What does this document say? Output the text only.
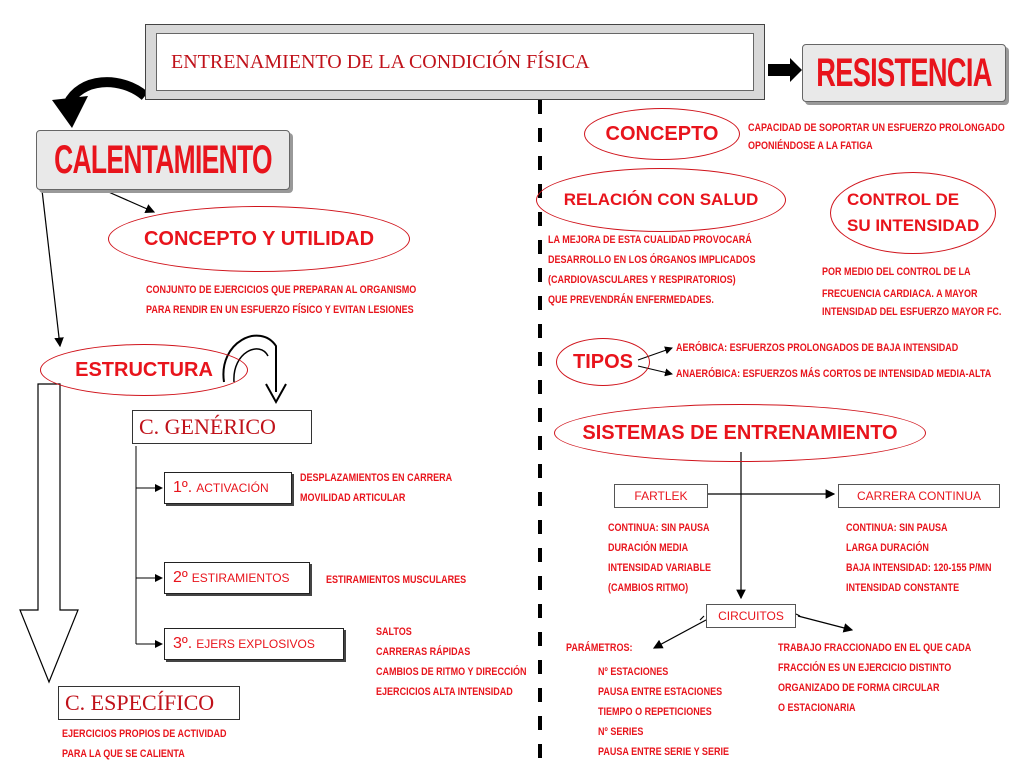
ENTRENAMIENTO DE LA CONDICIÓN FÍSICA	RESISTENCIA
CALENTAMIENTO
CONCEPTO Y UTILIDAD
CONJUNTO DE EJERCICIOS QUE PREPARAN AL ORGANISMO
PARA RENDIR EN UN ESFUERZO FÍSICO Y EVITAN LESIONES
ESTRUCTURA
C. GENÉRICO
1º. ACTIVACIÓN
DESPLAZAMIENTOS EN CARRERA
MOVILIDAD ARTICULAR
2º ESTIRAMIENTOS	ESTIRAMIENTOS MUSCULARES
3º. EJERS EXPLOSIVOS
SALTOS
CARRERAS RÁPIDAS
CAMBIOS DE RITMO Y DIRECCIÓN
EJERCICIOS ALTA INTENSIDAD
C. ESPECÍFICO
EJERCICIOS PROPIOS DE ACTIVIDAD
PARA LA QUE SE CALIENTA
CONCEPTO	CAPACIDAD DE SOPORTAR UN ESFUERZO PROLONGADO
OPONIÉNDOSE A LA FATIGA
RELACIÓN CON SALUD
LA MEJORA DE ESTA CUALIDAD PROVOCARÁ
DESARROLLO EN LOS ÓRGANOS IMPLICADOS
(CARDIOVASCULARES Y RESPIRATORIOS)
QUE PREVENDRÁN ENFERMEDADES.
CONTROL DE
SU INTENSIDAD
POR MEDIO DEL CONTROL DE LA
FRECUENCIA CARDIACA. A MAYOR
INTENSIDAD DEL ESFUERZO MAYOR FC.
TIPOS
AERÓBICA: ESFUERZOS PROLONGADOS DE BAJA INTENSIDAD
ANAERÓBICA: ESFUERZOS MÁS CORTOS DE INTENSIDAD MEDIA-ALTA
SISTEMAS DE ENTRENAMIENTO
FARTLEK
CONTINUA: SIN PAUSA
DURACIÓN MEDIA
INTENSIDAD VARIABLE
(CAMBIOS RITMO)
CARRERA CONTINUA
CONTINUA: SIN PAUSA
LARGA DURACIÓN
BAJA INTENSIDAD: 120-155 P/MN
INTENSIDAD CONSTANTE
CIRCUITOS
PARÁMETROS:
Nº ESTACIONES
PAUSA ENTRE ESTACIONES
TIEMPO O REPETICIONES
Nº SERIES
PAUSA ENTRE SERIE Y SERIE
TRABAJO FRACCIONADO EN EL QUE CADA
FRACCIÓN ES UN EJERCICIO DISTINTO
ORGANIZADO DE FORMA CIRCULAR
O ESTACIONARIA
